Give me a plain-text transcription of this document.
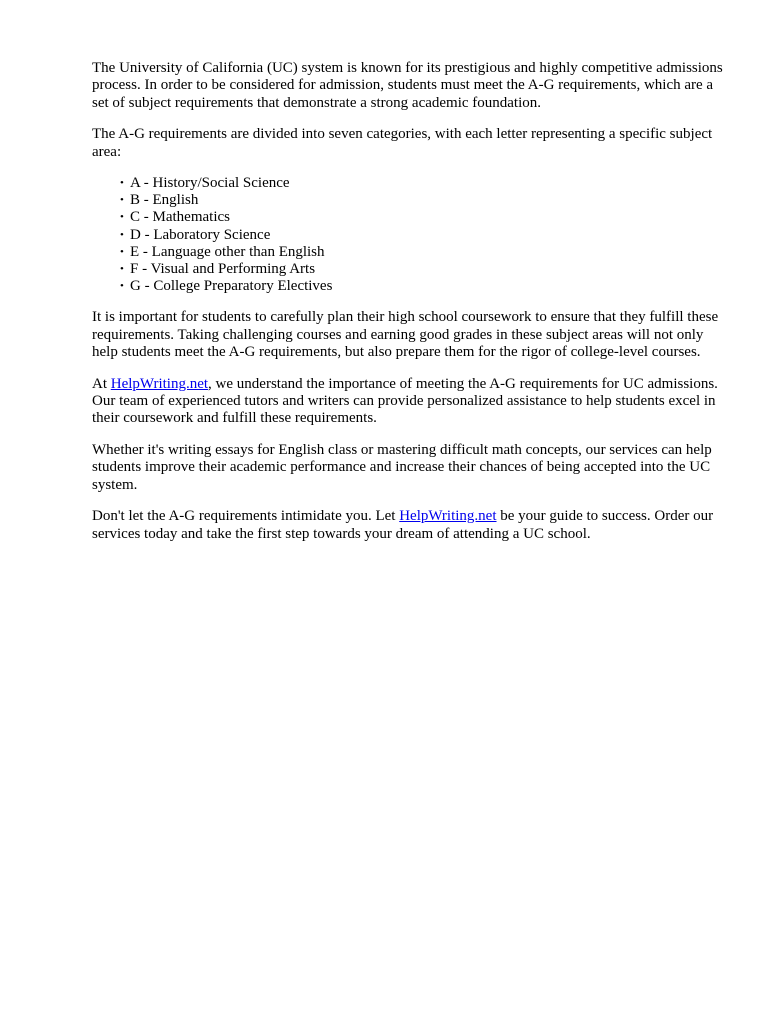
The University of California (UC) system is known for its prestigious and highly competitive admissions process. In order to be considered for admission, students must meet the A-G requirements, which are a set of subject requirements that demonstrate a strong academic foundation.

The A-G requirements are divided into seven categories, with each letter representing a specific subject area:

• A - History/Social Science
• B - English
• C - Mathematics
• D - Laboratory Science
• E - Language other than English
• F - Visual and Performing Arts
• G - College Preparatory Electives

It is important for students to carefully plan their high school coursework to ensure that they fulfill these requirements. Taking challenging courses and earning good grades in these subject areas will not only help students meet the A-G requirements, but also prepare them for the rigor of college-level courses.

At HelpWriting.net, we understand the importance of meeting the A-G requirements for UC admissions. Our team of experienced tutors and writers can provide personalized assistance to help students excel in their coursework and fulfill these requirements.

Whether it's writing essays for English class or mastering difficult math concepts, our services can help students improve their academic performance and increase their chances of being accepted into the UC system.

Don't let the A-G requirements intimidate you. Let HelpWriting.net be your guide to success. Order our services today and take the first step towards your dream of attending a UC school.
